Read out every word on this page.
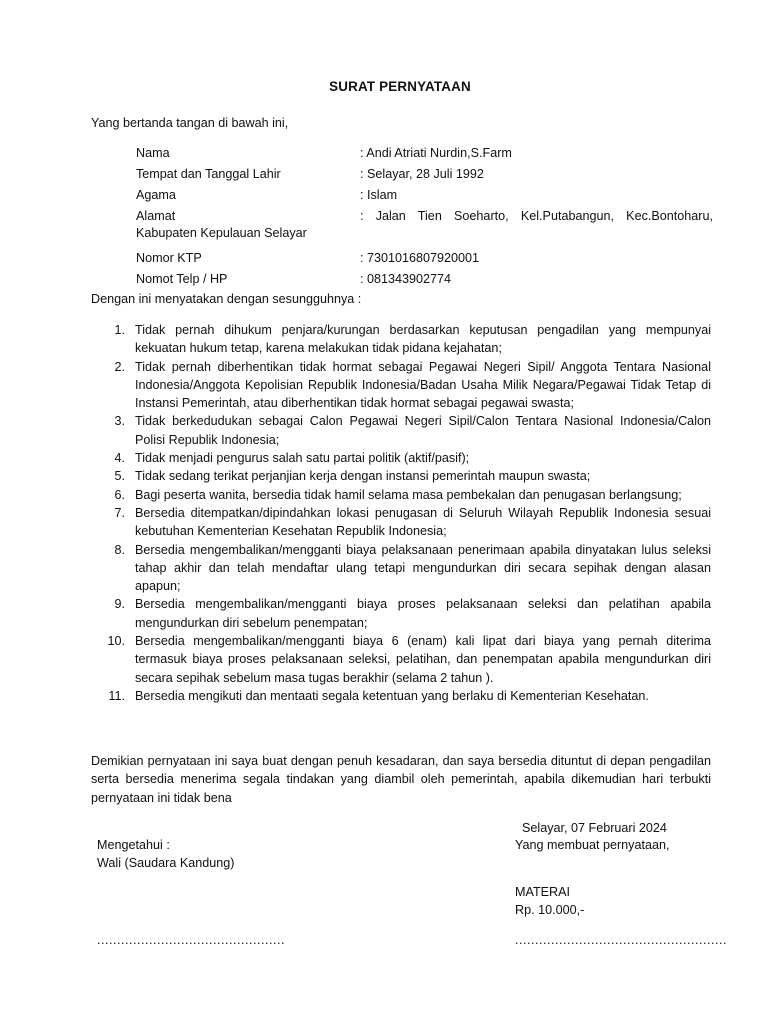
SURAT PERNYATAAN
Yang bertanda tangan di bawah ini,
Nama	: Andi Atriati Nurdin,S.Farm
Tempat dan Tanggal Lahir	: Selayar, 28 Juli 1992
Agama	: Islam
Alamat	: Jalan Tien Soeharto, Kel.Putabangun, Kec.Bontoharu,
Kabupaten Kepulauan Selayar
Nomor KTP	: 7301016807920001
Nomot Telp / HP	: 081343902774
Dengan ini menyatakan dengan sesungguhnya :
1. Tidak pernah dihukum penjara/kurungan berdasarkan keputusan pengadilan yang mempunyai kekuatan hukum tetap, karena melakukan tidak pidana kejahatan;
2. Tidak pernah diberhentikan tidak hormat sebagai Pegawai Negeri Sipil/ Anggota Tentara Nasional Indonesia/Anggota Kepolisian Republik Indonesia/Badan Usaha Milik Negara/Pegawai Tidak Tetap di Instansi Pemerintah, atau diberhentikan tidak hormat sebagai pegawai swasta;
3. Tidak berkedudukan sebagai Calon Pegawai Negeri Sipil/Calon Tentara Nasional Indonesia/Calon Polisi Republik Indonesia;
4. Tidak menjadi pengurus salah satu partai politik (aktif/pasif);
5. Tidak sedang terikat perjanjian kerja dengan instansi pemerintah maupun swasta;
6. Bagi peserta wanita, bersedia tidak hamil selama masa pembekalan dan penugasan berlangsung;
7. Bersedia ditempatkan/dipindahkan lokasi penugasan di Seluruh Wilayah Republik Indonesia sesuai kebutuhan Kementerian Kesehatan Republik Indonesia;
8. Bersedia mengembalikan/mengganti biaya pelaksanaan penerimaan apabila dinyatakan lulus seleksi tahap akhir dan telah mendaftar ulang tetapi mengundurkan diri secara sepihak dengan alasan apapun;
9. Bersedia mengembalikan/mengganti biaya proses pelaksanaan seleksi dan pelatihan apabila mengundurkan diri sebelum penempatan;
10. Bersedia mengembalikan/mengganti biaya 6 (enam) kali lipat dari biaya yang pernah diterima termasuk biaya proses pelaksanaan seleksi, pelatihan, dan penempatan apabila mengundurkan diri secara sepihak sebelum masa tugas berakhir (selama 2 tahun ).
11. Bersedia mengikuti dan mentaati segala ketentuan yang berlaku di Kementerian Kesehatan.
Demikian pernyataan ini saya buat dengan penuh kesadaran, dan saya bersedia dituntut di depan pengadilan serta bersedia menerima segala tindakan yang diambil oleh pemerintah, apabila dikemudian hari terbukti pernyataan ini tidak bena
Selayar, 07 Februari 2024
Yang membuat pernyataan,
Mengetahui :
Wali (Saudara Kandung)
MATERAI
Rp. 10.000,-
...............................................	.....................................................
